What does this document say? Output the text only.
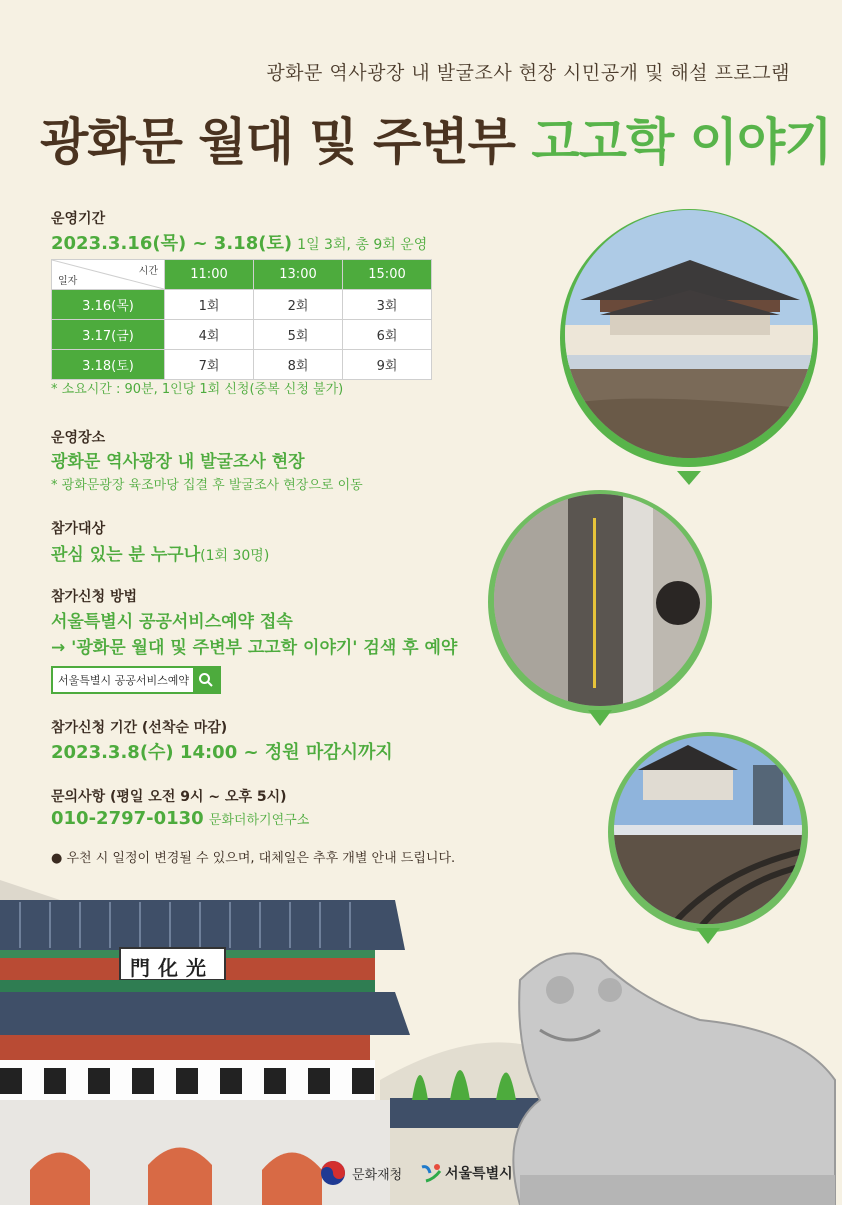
광화문 역사광장 내 발굴조사 현장 시민공개 및 해설 프로그램
광화문 월대 및 주변부 고고학 이야기
운영기간
2023.3.16(목) ~ 3.18(토) 1일 3회, 총 9회 운영
시간
일자	11:00	13:00	15:00
3.16(목)	1회	2회	3회
3.17(금)	4회	5회	6회
3.18(토)	7회	8회	9회
* 소요시간 : 90분, 1인당 1회 신청(중복 신청 불가)
운영장소
광화문 역사광장 내 발굴조사 현장
* 광화문광장 육조마당 집결 후 발굴조사 현장으로 이동
참가대상
관심 있는 분 누구나(1회 30명)
참가신청 방법
서울특별시 공공서비스예약 접속
→ '광화문 월대 및 주변부 고고학 이야기' 검색 후 예약
서울특별시 공공서비스예약
참가신청 기간 (선착순 마감)
2023.3.8(수) 14:00 ~ 정원 마감시까지
문의사항 (평일 오전 9시 ~ 오후 5시)
010-2797-0130 문화더하기연구소
● 우천 시 일정이 변경될 수 있으며, 대체일은 추후 개별 안내 드립니다.
門化光
문화재청	서울특별시
